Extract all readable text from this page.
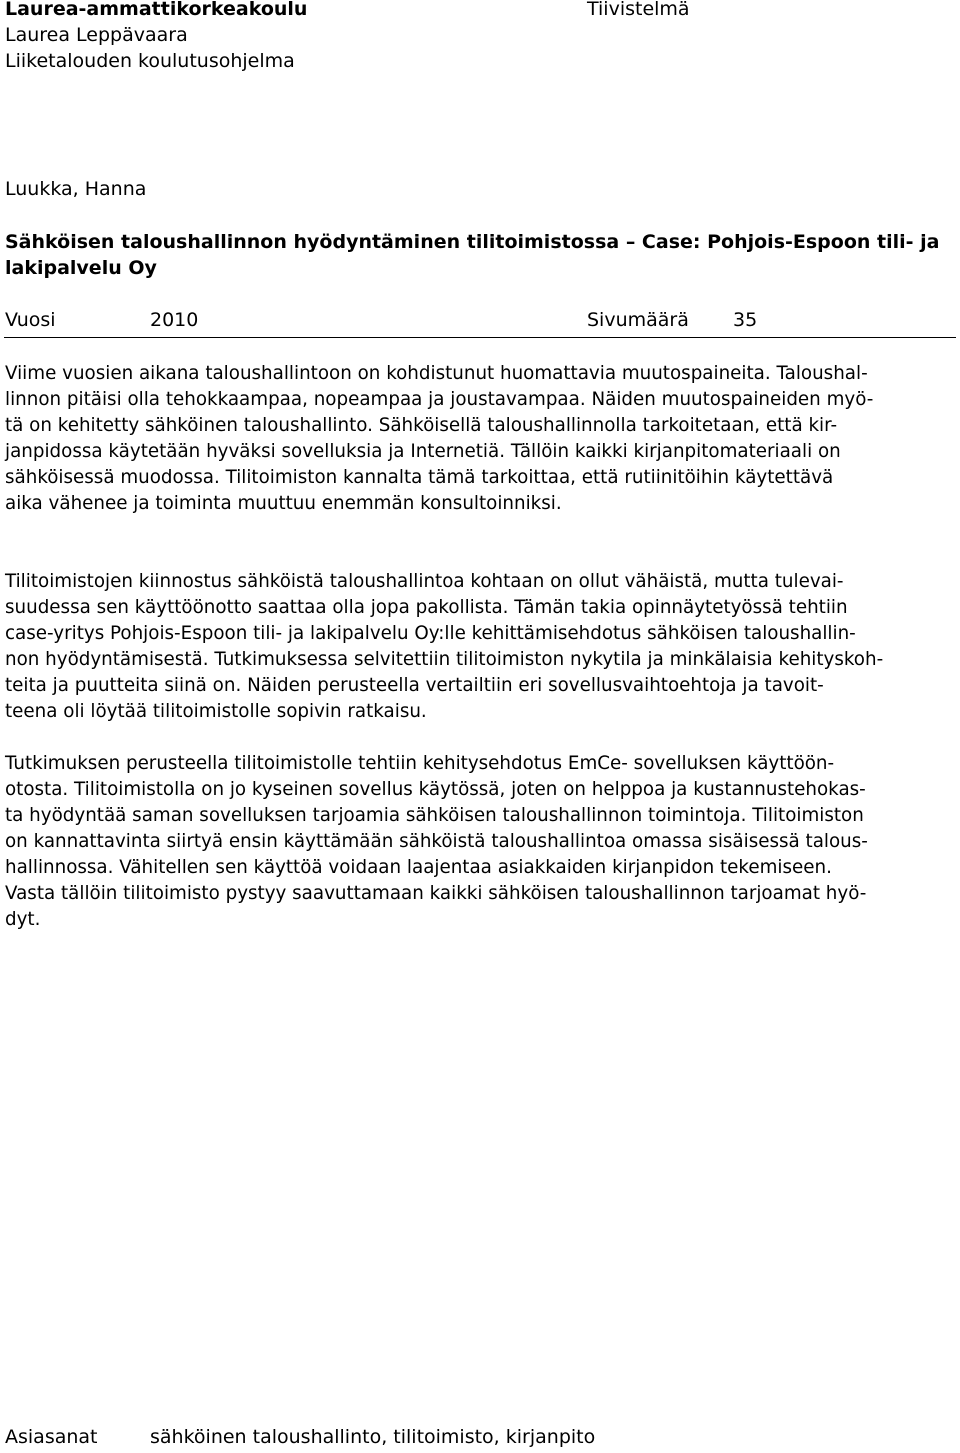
Laurea-ammattikorkeakoulu
Laurea Leppävaara
Liiketalouden koulutusohjelma
Tiivistelmä
Luukka, Hanna
Sähköisen taloushallinnon hyödyntäminen tilitoimistossa – Case: Pohjois-Espoon tili- ja
lakipalvelu Oy
Vuosi	2010	Sivumäärä 35
Viime vuosien aikana taloushallintoon on kohdistunut huomattavia muutospaineita. Taloushal-
linnon pitäisi olla tehokkaampaa, nopeampaa ja joustavampaa. Näiden muutospaineiden myö-
tä on kehitetty sähköinen taloushallinto. Sähköisellä taloushallinnolla tarkoitetaan, että kir-
janpidossa käytetään hyväksi sovelluksia ja Internetiä. Tällöin kaikki kirjanpitomateriaali on
sähköisessä muodossa. Tilitoimiston kannalta tämä tarkoittaa, että rutiinitöihin käytettävä
aika vähenee ja toiminta muuttuu enemmän konsultoinniksi.
Tilitoimistojen kiinnostus sähköistä taloushallintoa kohtaan on ollut vähäistä, mutta tulevai-
suudessa sen käyttöönotto saattaa olla jopa pakollista. Tämän takia opinnäytetyössä tehtiin
case-yritys Pohjois-Espoon tili- ja lakipalvelu Oy:lle kehittämisehdotus sähköisen taloushallin-
non hyödyntämisestä. Tutkimuksessa selvitettiin tilitoimiston nykytila ja minkälaisia kehityskoh-
teita ja puutteita siinä on. Näiden perusteella vertailtiin eri sovellusvaihtoehtoja ja tavoit-
teena oli löytää tilitoimistolle sopivin ratkaisu.
Tutkimuksen perusteella tilitoimistolle tehtiin kehitysehdotus EmCe- sovelluksen käyttöön-
otosta. Tilitoimistolla on jo kyseinen sovellus käytössä, joten on helppoa ja kustannustehokas-
ta hyödyntää saman sovelluksen tarjoamia sähköisen taloushallinnon toimintoja. Tilitoimiston
on kannattavinta siirtyä ensin käyttämään sähköistä taloushallintoa omassa sisäisessä talous-
hallinnossa. Vähitellen sen käyttöä voidaan laajentaa asiakkaiden kirjanpidon tekemiseen.
Vasta tällöin tilitoimisto pystyy saavuttamaan kaikki sähköisen taloushallinnon tarjoamat hyö-
dyt.
Asiasanat	sähköinen taloushallinto, tilitoimisto, kirjanpito
